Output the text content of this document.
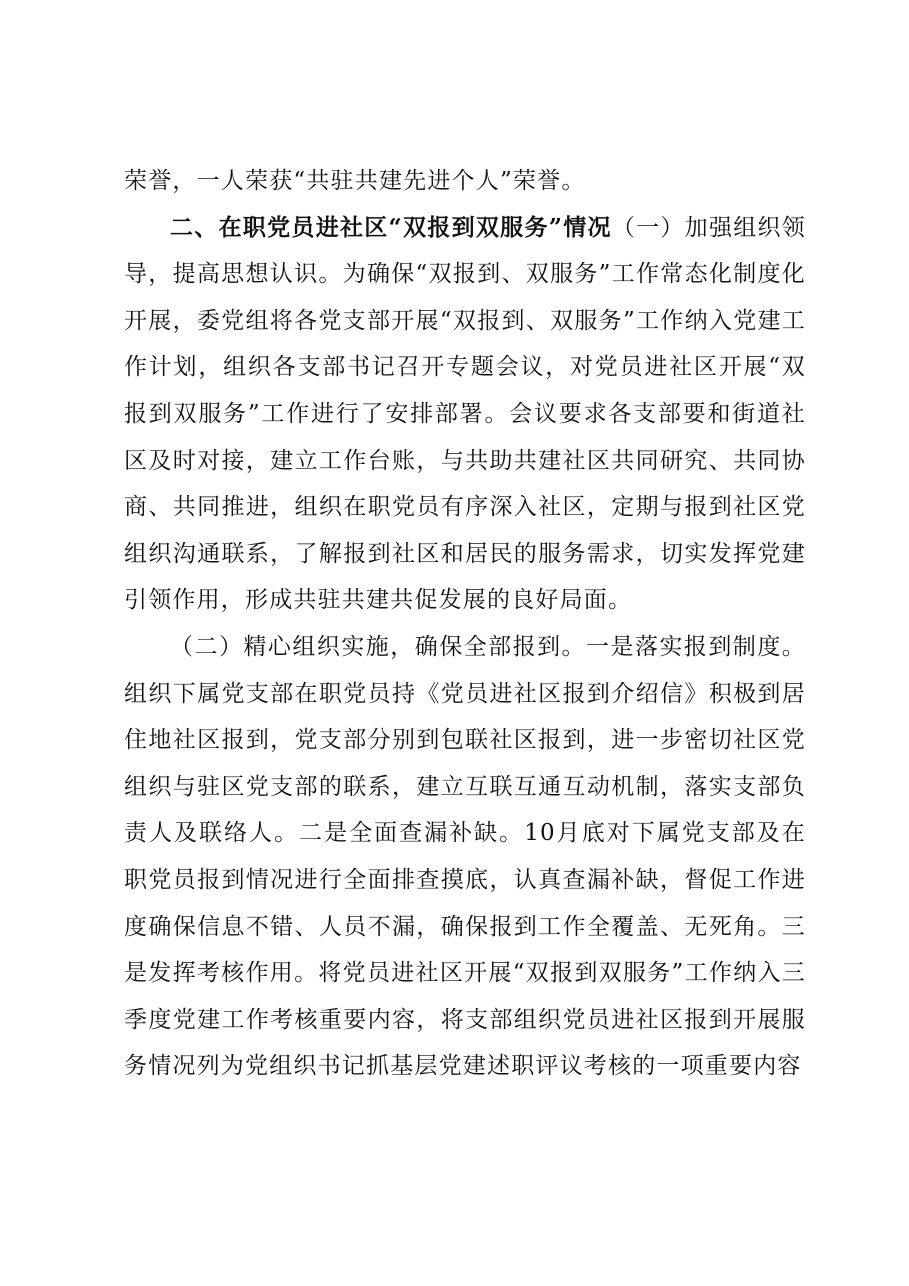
荣誉，一人荣获“共驻共建先进个人”荣誉。

二、在职党员进社区“双报到双服务”情况（一）加强组织领导，提高思想认识。为确保“双报到、双服务”工作常态化制度化开展，委党组将各党支部开展“双报到、双服务”工作纳入党建工作计划，组织各支部书记召开专题会议，对党员进社区开展“双报到双服务”工作进行了安排部署。会议要求各支部要和街道社区及时对接，建立工作台账，与共助共建社区共同研究、共同协商、共同推进，组织在职党员有序深入社区，定期与报到社区党组织沟通联系，了解报到社区和居民的服务需求，切实发挥党建引领作用，形成共驻共建共促发展的良好局面。

（二）精心组织实施，确保全部报到。一是落实报到制度。组织下属党支部在职党员持《党员进社区报到介绍信》积极到居住地社区报到，党支部分别到包联社区报到，进一步密切社区党组织与驻区党支部的联系，建立互联互通互动机制，落实支部负责人及联络人。二是全面查漏补缺。10月底对下属党支部及在职党员报到情况进行全面排查摸底，认真查漏补缺，督促工作进度确保信息不错、人员不漏，确保报到工作全覆盖、无死角。三是发挥考核作用。将党员进社区开展“双报到双服务”工作纳入三季度党建工作考核重要内容，将支部组织党员进社区报到开展服务情况列为党组织书记抓基层党建述职评议考核的一项重要内容
